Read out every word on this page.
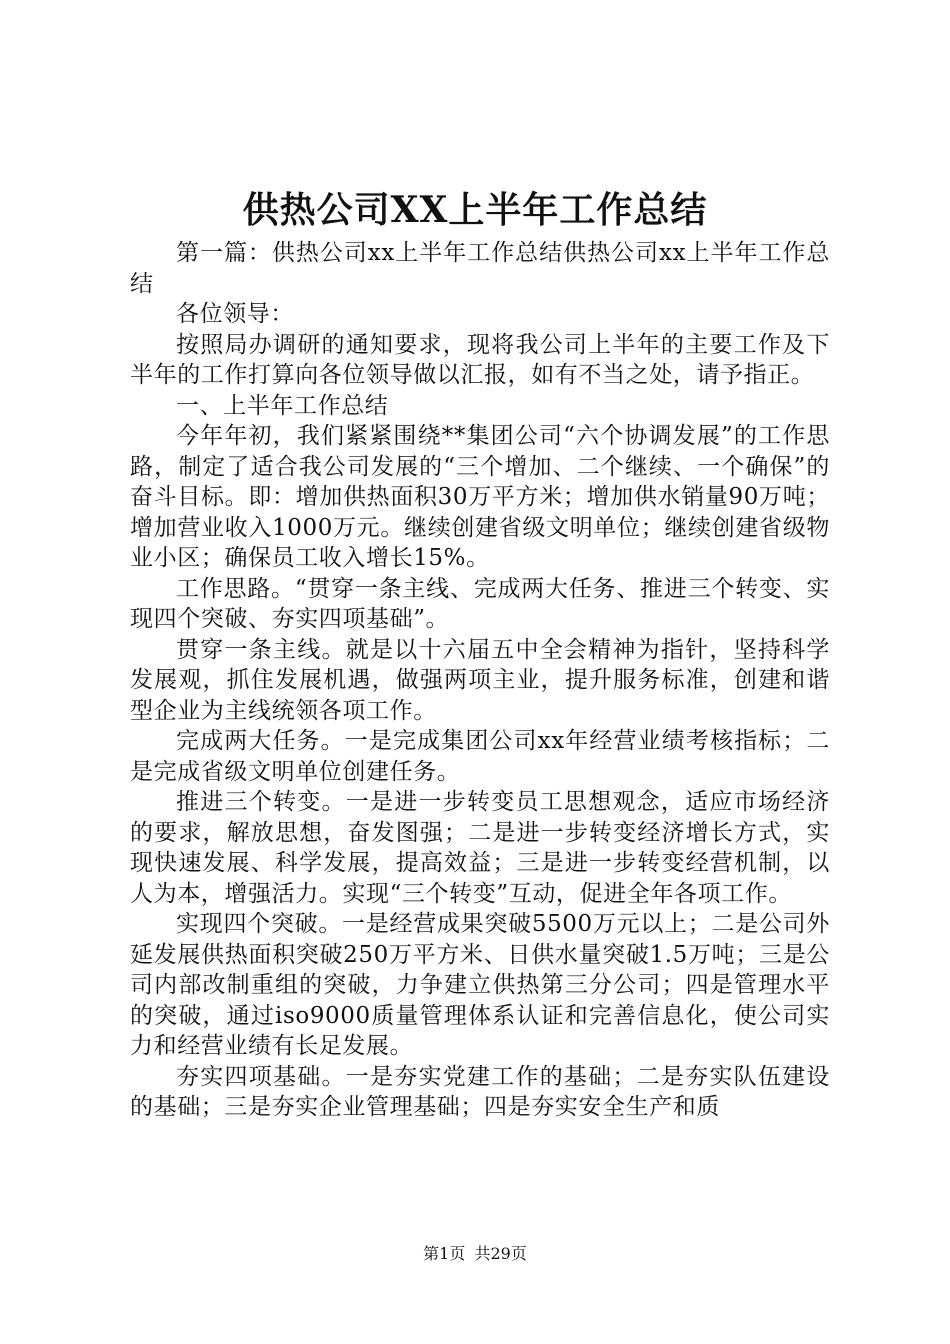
供热公司XX上半年工作总结

第一篇：供热公司xx上半年工作总结供热公司xx上半年工作总结

各位领导：

按照局办调研的通知要求，现将我公司上半年的主要工作及下半年的工作打算向各位领导做以汇报，如有不当之处，请予指正。

一、上半年工作总结

今年年初，我们紧紧围绕**集团公司“六个协调发展”的工作思路，制定了适合我公司发展的“三个增加、二个继续、一个确保”的奋斗目标。即：增加供热面积30万平方米；增加供水销量90万吨；增加营业收入1000万元。继续创建省级文明单位；继续创建省级物业小区；确保员工收入增长15%。

工作思路。“贯穿一条主线、完成两大任务、推进三个转变、实现四个突破、夯实四项基础”。

贯穿一条主线。就是以十六届五中全会精神为指针，坚持科学发展观，抓住发展机遇，做强两项主业，提升服务标准，创建和谐型企业为主线统领各项工作。

完成两大任务。一是完成集团公司xx年经营业绩考核指标；二是完成省级文明单位创建任务。

推进三个转变。一是进一步转变员工思想观念，适应市场经济的要求，解放思想，奋发图强；二是进一步转变经济增长方式，实现快速发展、科学发展，提高效益；三是进一步转变经营机制，以人为本，增强活力。实现“三个转变”互动，促进全年各项工作。

实现四个突破。一是经营成果突破5500万元以上；二是公司外延发展供热面积突破250万平方米、日供水量突破1.5万吨；三是公司内部改制重组的突破，力争建立供热第三分公司；四是管理水平的突破，通过iso9000质量管理体系认证和完善信息化，使公司实力和经营业绩有长足发展。

夯实四项基础。一是夯实党建工作的基础；二是夯实队伍建设的基础；三是夯实企业管理基础；四是夯实安全生产和质

第1页 共29页
